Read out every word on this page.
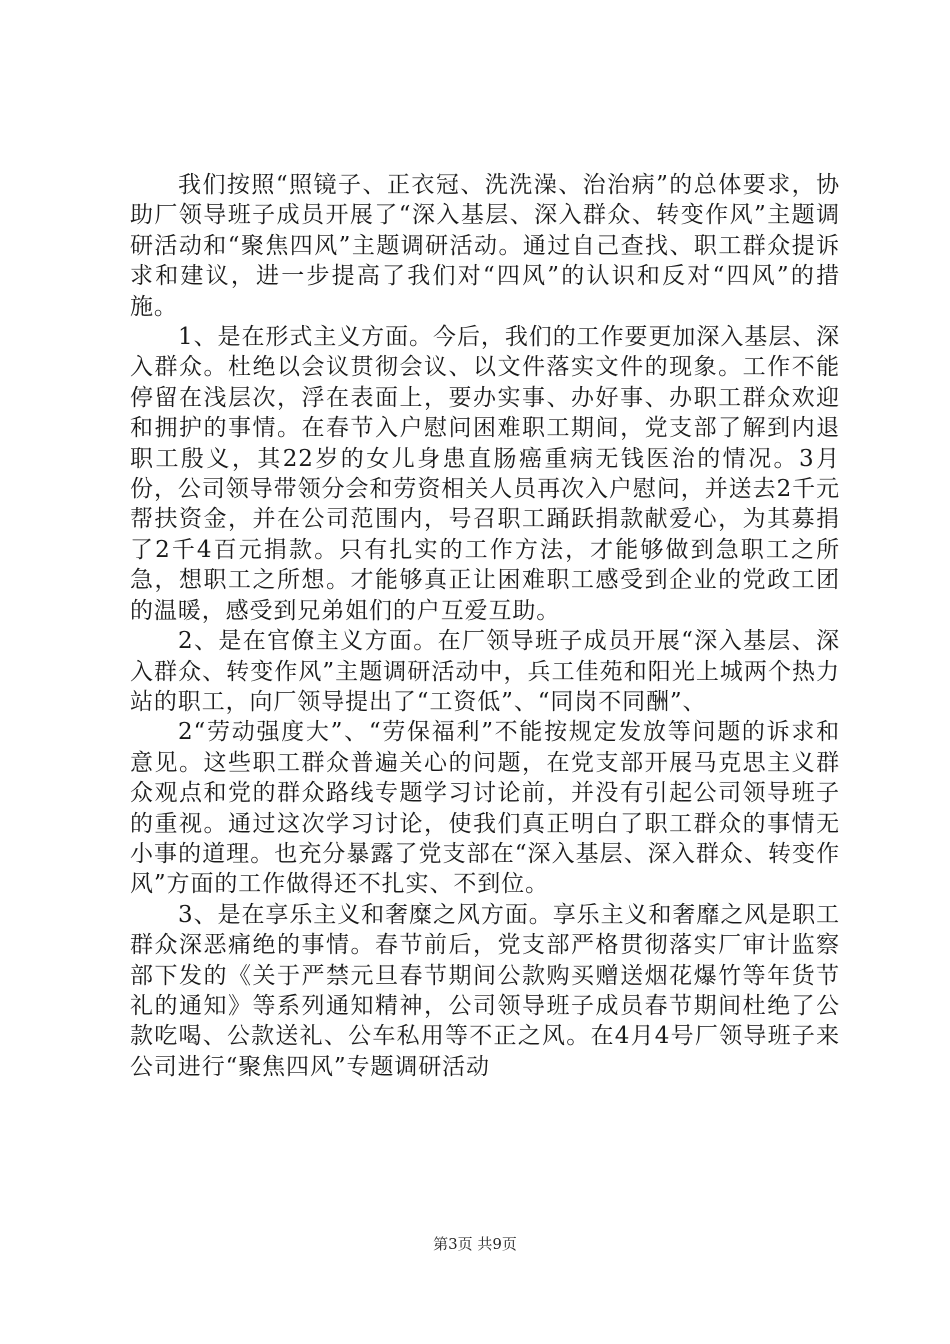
我们按照“照镜子、正衣冠、洗洗澡、治治病”的总体要求，协助厂领导班子成员开展了“深入基层、深入群众、转变作风”主题调研活动和“聚焦四风”主题调研活动。通过自己查找、职工群众提诉求和建议，进一步提高了我们对“四风”的认识和反对“四风”的措施。

1、是在形式主义方面。今后，我们的工作要更加深入基层、深入群众。杜绝以会议贯彻会议、以文件落实文件的现象。工作不能停留在浅层次，浮在表面上，要办实事、办好事、办职工群众欢迎和拥护的事情。在春节入户慰问困难职工期间，党支部了解到内退职工殷义，其22岁的女儿身患直肠癌重病无钱医治的情况。3月份，公司领导带领分会和劳资相关人员再次入户慰问，并送去2千元帮扶资金，并在公司范围内，号召职工踊跃捐款献爱心，为其募捐了2千4百元捐款。只有扎实的工作方法，才能够做到急职工之所急，想职工之所想。才能够真正让困难职工感受到企业的党政工团的温暖，感受到兄弟姐们的户互爱互助。

2、是在官僚主义方面。在厂领导班子成员开展“深入基层、深入群众、转变作风”主题调研活动中，兵工佳苑和阳光上城两个热力站的职工，向厂领导提出了“工资低”、“同岗不同酬”、

2“劳动强度大”、“劳保福利”不能按规定发放等问题的诉求和意见。这些职工群众普遍关心的问题，在党支部开展马克思主义群众观点和党的群众路线专题学习讨论前，并没有引起公司领导班子的重视。通过这次学习讨论，使我们真正明白了职工群众的事情无小事的道理。也充分暴露了党支部在“深入基层、深入群众、转变作风”方面的工作做得还不扎实、不到位。

3、是在享乐主义和奢糜之风方面。享乐主义和奢靡之风是职工群众深恶痛绝的事情。春节前后，党支部严格贯彻落实厂审计监察部下发的《关于严禁元旦春节期间公款购买赠送烟花爆竹等年货节礼的通知》等系列通知精神，公司领导班子成员春节期间杜绝了公款吃喝、公款送礼、公车私用等不正之风。在4月4号厂领导班子来公司进行“聚焦四风”专题调研活动

第3页 共9页
